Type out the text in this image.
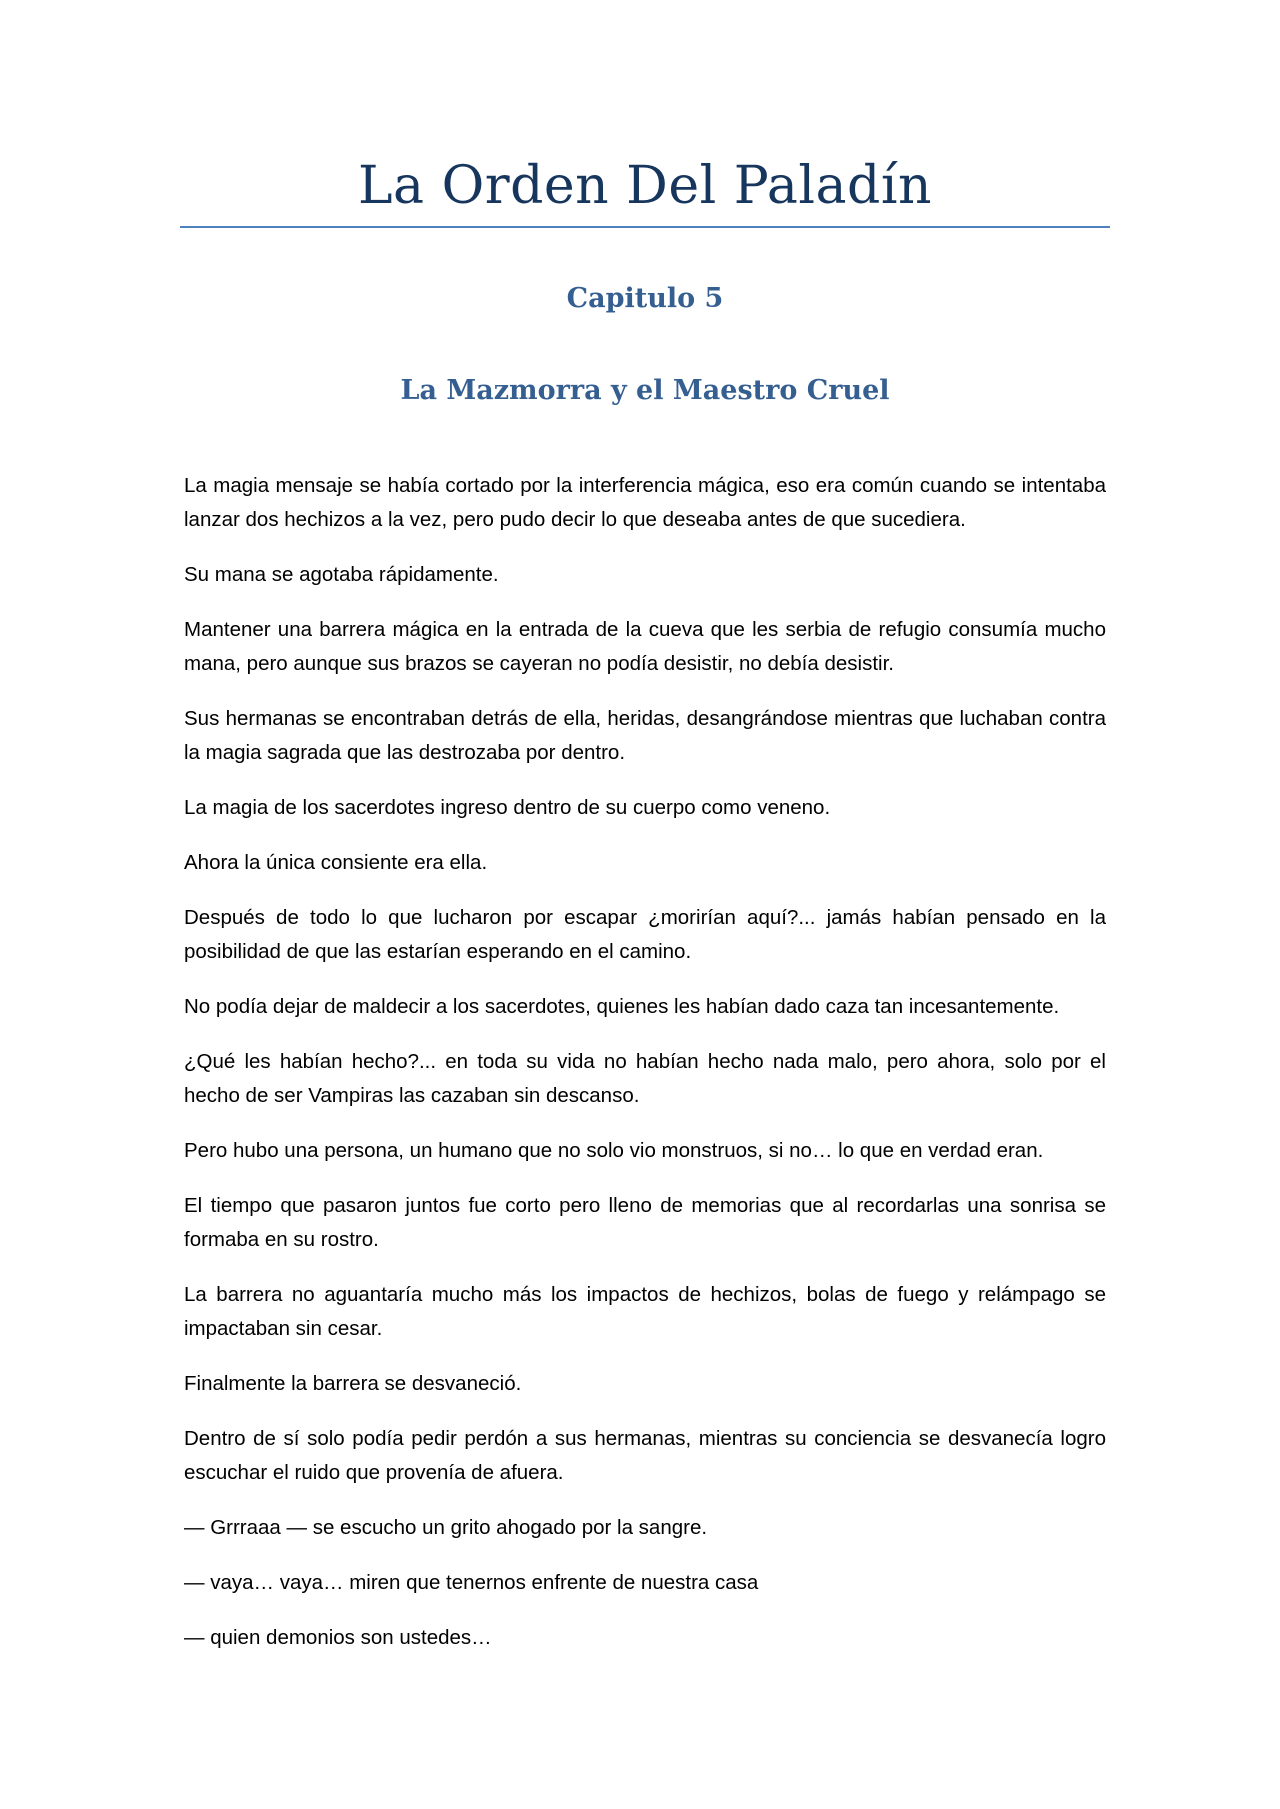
La Orden Del Paladín
Capitulo 5
La Mazmorra y el Maestro Cruel

La magia mensaje se había cortado por la interferencia mágica, eso era común cuando se intentaba lanzar dos hechizos a la vez, pero pudo decir lo que deseaba antes de que sucediera.

Su mana se agotaba rápidamente.

Mantener una barrera mágica en la entrada de la cueva que les serbia de refugio consumía mucho mana, pero aunque sus brazos se cayeran no podía desistir, no debía desistir.

Sus hermanas se encontraban detrás de ella, heridas, desangrándose mientras que luchaban contra la magia sagrada que las destrozaba por dentro.

La magia de los sacerdotes ingreso dentro de su cuerpo como veneno.

Ahora la única consiente era ella.

Después de todo lo que lucharon por escapar ¿morirían aquí?... jamás habían pensado en la posibilidad de que las estarían esperando en el camino.

No podía dejar de maldecir a los sacerdotes, quienes les habían dado caza tan incesantemente.

¿Qué les habían hecho?... en toda su vida no habían hecho nada malo, pero ahora, solo por el hecho de ser Vampiras las cazaban sin descanso.

Pero hubo una persona, un humano que no solo vio monstruos, si no… lo que en verdad eran.

El tiempo que pasaron juntos fue corto pero lleno de memorias que al recordarlas una sonrisa se formaba en su rostro.

La barrera no aguantaría mucho más los impactos de hechizos, bolas de fuego y relámpago se impactaban sin cesar.

Finalmente la barrera se desvaneció.

Dentro de sí solo podía pedir perdón a sus hermanas, mientras su conciencia se desvanecía logro escuchar el ruido que provenía de afuera.

— Grrraaa — se escucho un grito ahogado por la sangre.

— vaya… vaya… miren que tenernos enfrente de nuestra casa

— quien demonios son ustedes…
